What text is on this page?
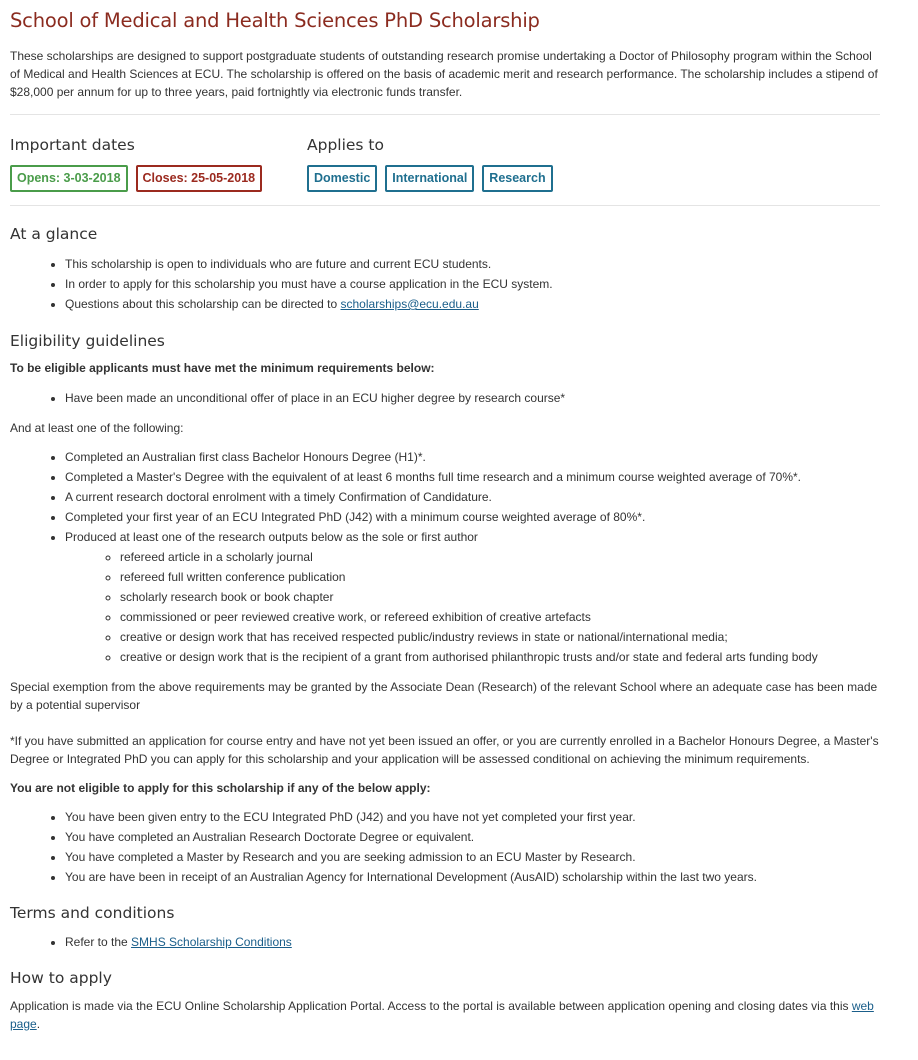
School of Medical and Health Sciences PhD Scholarship

These scholarships are designed to support postgraduate students of outstanding research promise undertaking a Doctor of Philosophy program within the School of Medical and Health Sciences at ECU. The scholarship is offered on the basis of academic merit and research performance. The scholarship includes a stipend of $28,000 per annum for up to three years, paid fortnightly via electronic funds transfer.

Important dates
Opens: 3-03-2018	Closes: 25-05-2018
Applies to
Domestic	International	Research
At a glance
• This scholarship is open to individuals who are future and current ECU students.
• In order to apply for this scholarship you must have a course application in the ECU system.
• Questions about this scholarship can be directed to scholarships@ecu.edu.au
Eligibility guidelines

To be eligible applicants must have met the minimum requirements below:

• Have been made an unconditional offer of place in an ECU higher degree by research course*

And at least one of the following:

• Completed an Australian first class Bachelor Honours Degree (H1)*.
• Completed a Master's Degree with the equivalent of at least 6 months full time research and a minimum course weighted average of 70%*.
• A current research doctoral enrolment with a timely Confirmation of Candidature.
• Completed your first year of an ECU Integrated PhD (J42) with a minimum course weighted average of 80%*.
• Produced at least one of the research outputs below as the sole or first author
◦ refereed article in a scholarly journal
◦ refereed full written conference publication
◦ scholarly research book or book chapter
◦ commissioned or peer reviewed creative work, or refereed exhibition of creative artefacts
◦ creative or design work that has received respected public/industry reviews in state or national/international media;
◦ creative or design work that is the recipient of a grant from authorised philanthropic trusts and/or state and federal arts funding body

Special exemption from the above requirements may be granted by the Associate Dean (Research) of the relevant School where an adequate case has been made by a potential supervisor

*If you have submitted an application for course entry and have not yet been issued an offer, or you are currently enrolled in a Bachelor Honours Degree, a Master's Degree or Integrated PhD you can apply for this scholarship and your application will be assessed conditional on achieving the minimum requirements.

You are not eligible to apply for this scholarship if any of the below apply:

• You have been given entry to the ECU Integrated PhD (J42) and you have not yet completed your first year.
• You have completed an Australian Research Doctorate Degree or equivalent.
• You have completed a Master by Research and you are seeking admission to an ECU Master by Research.
• You are have been in receipt of an Australian Agency for International Development (AusAID) scholarship within the last two years.
Terms and conditions
• Refer to the SMHS Scholarship Conditions
How to apply

Application is made via the ECU Online Scholarship Application Portal. Access to the portal is available between application opening and closing dates via this web page.
